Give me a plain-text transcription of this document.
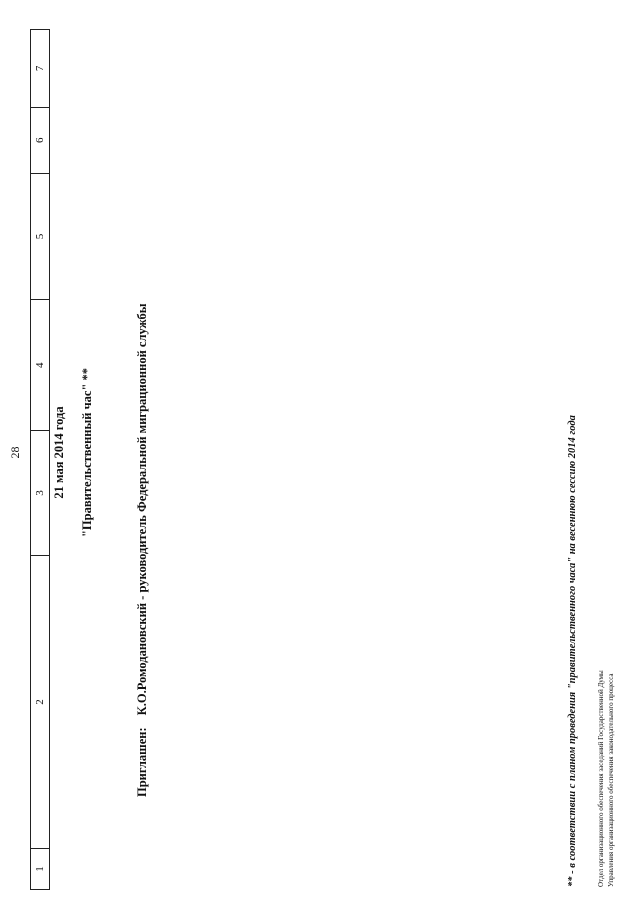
28
1
2
3
4
5
6
7
21 мая 2014 года "Правительственный час" **
Приглашен:К.О.Ромодановский - руководитель Федеральной миграционной службы	** - в соответствии с планом проведения "правительственного часа" на весеннюю сессию 2014 года	Отдел организационного обеспечения заседаний Государственной Думы Управления организационного обеспечения законодательного процесса
